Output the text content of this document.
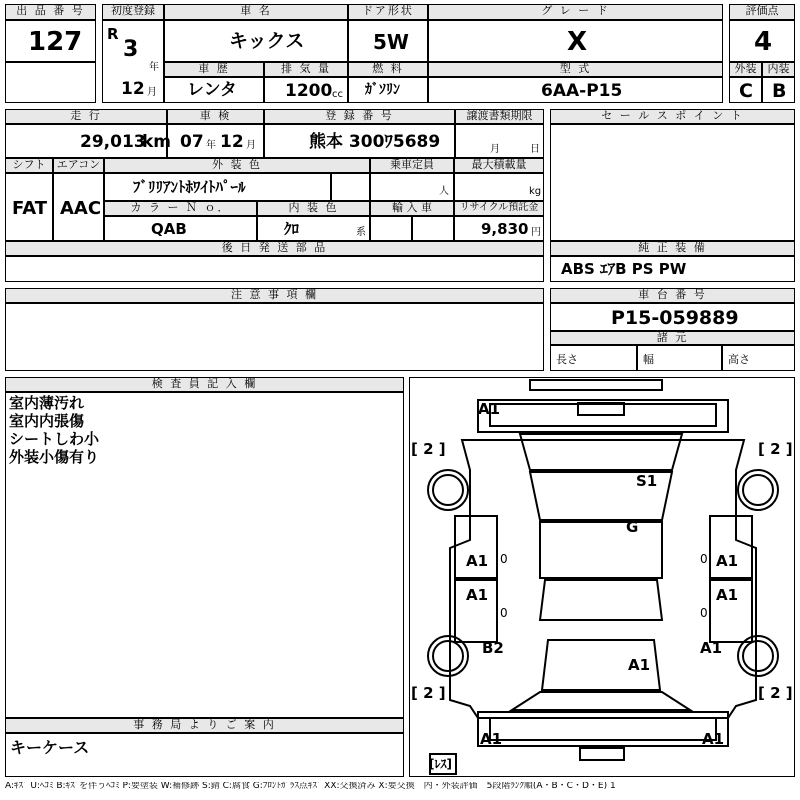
出 品 番 号
127
初度登録
R
3
年
12 月
車 名
キックス
ドア形状
5W
グ レ ー ド
X
車 歴
レンタ
排 気 量
1200 cc
燃 料
ｶﾞｿﾘﾝ
型 式
6AA-P15
評価点
4
外装	内装
C B
走 行
29,013
km
車 検
07 年 12 月
登 録 番 号
熊本 300ﾜ5689
譲渡書類期限
月	日
セ ー ル ス ポ イ ン ト
シフト
FAT
エアコン
AAC
外 装 色
ﾌﾞﾘﾘｱﾝﾄﾎﾜｲﾄﾊﾟｰﾙ
乗車定員
人
最大積載量
kg
カ ラ ー Ｎ ｏ．
QAB
内 装 色
ｸﾛ	系
輸 入 車	リサイクル預託金
9,830 円
後 日 発 送 部 品	純 正 装 備
ABS ｴｱB PS PW
注 意 事 項 欄	車 台 番 号
P15-059889
諸 元
長さ	幅	高さ
検 査 員 記 入 欄
室内薄汚れ
室内内張傷
シートしわ小
外装小傷有り
事 務 局 よ り ご 案 内
キーケース
A1
S1
G
A1	A1
A1	A1
B2
A1
A1
A1	A1
[ 2 ]	[ 2 ]
[ 2 ]	[ 2 ]
0
0
0
0
[ﾚｽ]
A:ｷｽﾞ U:ﾍｺﾐ B:ｷｽﾞを伴うﾍｺﾐ P:要塗装 W:補修跡 S:錆 C:腐食 G:ﾌﾛﾝﾄｶﾞﾗｽ点ｷｽﾞ XX:交換済み X:要交換　内・外装評価　5段階ﾗﾝｸ順(A・B・C・D・E) 1
